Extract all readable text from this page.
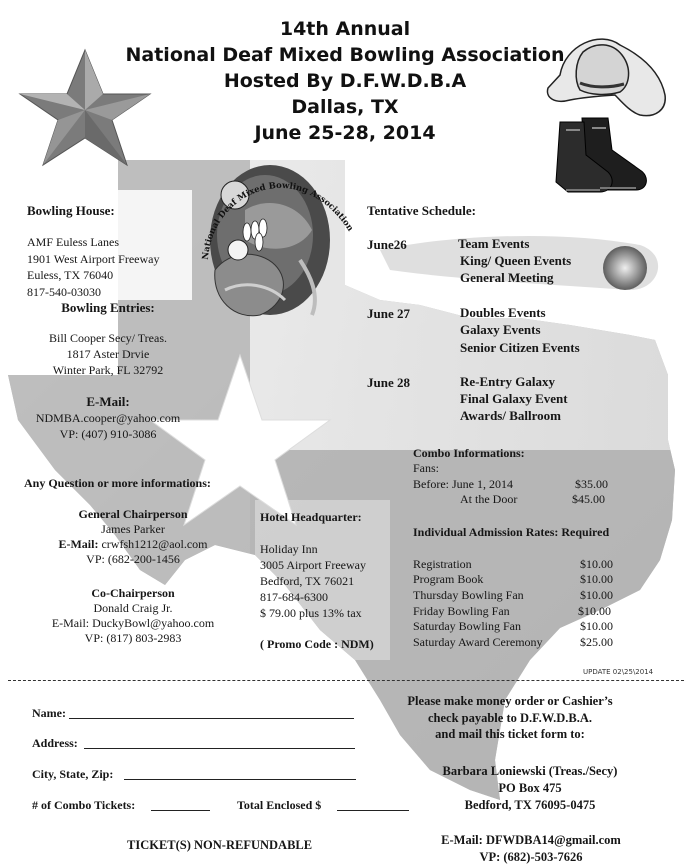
National Deaf Mixed Bowling Association
14th Annual
National Deaf Mixed Bowling Association
Hosted By D.F.W.D.B.A
Dallas, TX
June 25-28, 2014
Bowling House:
AMF Euless Lanes
1901 West Airport Freeway
Euless, TX 76040
817-540-03030
Bowling Entries:
Bill Cooper Secy/ Treas.
1817 Aster Drvie
Winter Park, FL 32792
E-Mail:
NDMBA.cooper@yahoo.com
VP: (407) 910-3086
Any Question or more informations:
General Chairperson
James Parker
E-Mail: crwfsh1212@aol.com
VP: (682-200-1456
Co-Chairperson
Donald Craig Jr.
E-Mail: DuckyBowl@yahoo.com
VP: (817) 803-2983
Hotel Headquarter:
Holiday Inn
3005 Airport Freeway
Bedford, TX 76021
817-684-6300
$ 79.00 plus 13% tax
( Promo Code : NDM)
Tentative Schedule:
June26	Team Events
King/ Queen Events
General Meeting
June 27	Doubles Events
Galaxy Events
Senior Citizen Events
June 28	Re-Entry Galaxy
Final Galaxy Event
Awards/ Ballroom
Combo Informations:
Fans:
Before: June 1, 2014	$35.00
At the Door	$45.00
Individual Admission Rates: Required
Registration	$10.00
Program Book	$10.00
Thursday Bowling Fan	$10.00
Friday Bowling Fan	$10.00
Saturday Bowling Fan	$10.00
Saturday Award Ceremony	$25.00
UPDATE 02\25\2014
Name:
Address:
City, State, Zip:
# of Combo Tickets:	Total Enclosed $
TICKET(S) NON-REFUNDABLE
Please make money order or Cashier’s
check payable to D.F.W.D.B.A.
and mail this ticket form to:
Barbara Loniewski (Treas./Secy)
PO Box 475
Bedford, TX 76095-0475
E-Mail: DFWDBA14@gmail.com
VP: (682)-503-7626
